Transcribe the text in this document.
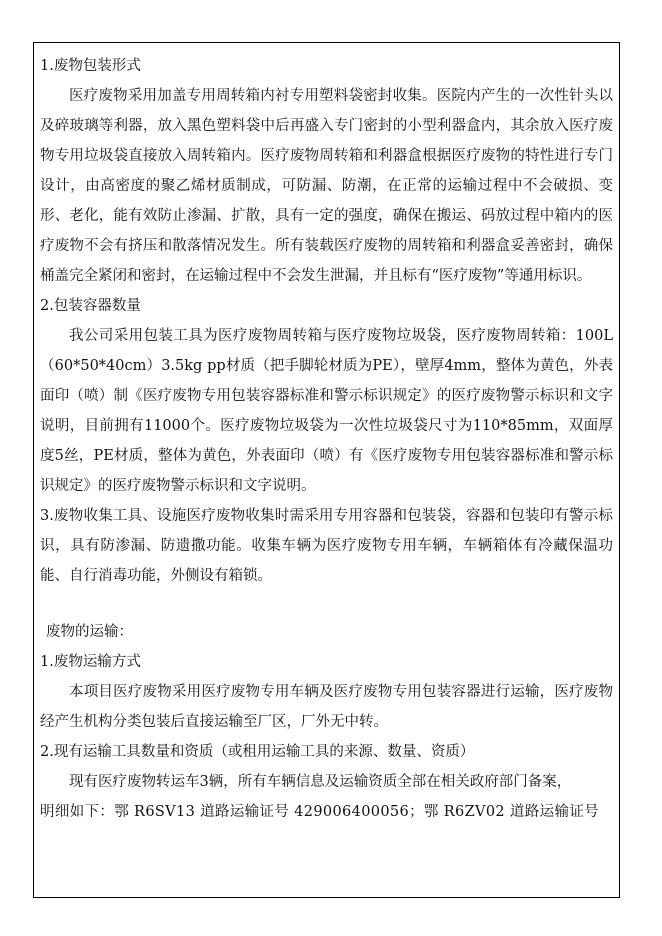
1.废物包装形式

医疗废物采用加盖专用周转箱内衬专用塑料袋密封收集。医院内产生的一次性针头以及碎玻璃等利器，放入黑色塑料袋中后再盛入专门密封的小型利器盒内，其余放入医疗废物专用垃圾袋直接放入周转箱内。医疗废物周转箱和利器盒根据医疗废物的特性进行专门设计，由高密度的聚乙烯材质制成，可防漏、防潮，在正常的运输过程中不会破损、变形、老化，能有效防止渗漏、扩散，具有一定的强度，确保在搬运、码放过程中箱内的医疗废物不会有挤压和散落情况发生。所有装载医疗废物的周转箱和利器盒妥善密封，确保桶盖完全紧闭和密封，在运输过程中不会发生泄漏，并且标有“医疗废物”等通用标识。

2.包装容器数量

我公司采用包装工具为医疗废物周转箱与医疗废物垃圾袋，医疗废物周转箱：100L（60*50*40cm）3.5kg pp材质（把手脚轮材质为PE），壁厚4mm，整体为黄色，外表面印（喷）制《医疗废物专用包装容器标准和警示标识规定》的医疗废物警示标识和文字说明，目前拥有11000个。医疗废物垃圾袋为一次性垃圾袋尺寸为110*85mm，双面厚度5丝，PE材质，整体为黄色，外表面印（喷）有《医疗废物专用包装容器标准和警示标识规定》的医疗废物警示标识和文字说明。

3.废物收集工具、设施医疗废物收集时需采用专用容器和包装袋，容器和包装印有警示标识，具有防渗漏、防遗撒功能。收集车辆为医疗废物专用车辆，车辆箱体有冷藏保温功能、自行消毒功能，外侧设有箱锁。

废物的运输：

1.废物运输方式

本项目医疗废物采用医疗废物专用车辆及医疗废物专用包装容器进行运输，医疗废物经产生机构分类包装后直接运输至厂区，厂外无中转。

2.现有运输工具数量和资质（或租用运输工具的来源、数量、资质）

现有医疗废物转运车3辆，所有车辆信息及运输资质全部在相关政府部门备案，

明细如下：鄂 R6SV13 道路运输证号 429006400056；鄂 R6ZV02 道路运输证号
